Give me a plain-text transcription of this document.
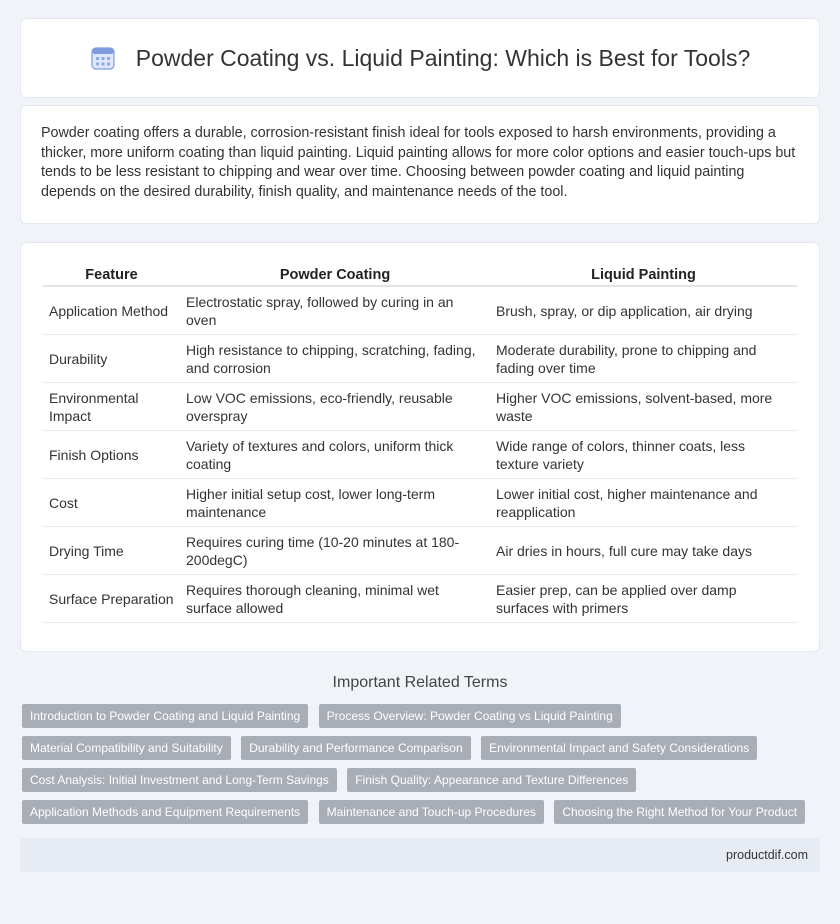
Powder Coating vs. Liquid Painting: Which is Best for Tools?

Powder coating offers a durable, corrosion-resistant finish ideal for tools exposed to harsh environments, providing a thicker, more uniform coating than liquid painting. Liquid painting allows for more color options and easier touch-ups but tends to be less resistant to chipping and wear over time. Choosing between powder coating and liquid painting depends on the desired durability, finish quality, and maintenance needs of the tool.

Feature	Powder Coating	Liquid Painting
Application Method	Electrostatic spray, followed by curing in an oven	Brush, spray, or dip application, air drying
Durability	High resistance to chipping, scratching, fading, and corrosion	Moderate durability, prone to chipping and fading over time
Environmental Impact	Low VOC emissions, eco-friendly, reusable overspray	Higher VOC emissions, solvent-based, more waste
Finish Options	Variety of textures and colors, uniform thick coating	Wide range of colors, thinner coats, less texture variety
Cost	Higher initial setup cost, lower long-term maintenance	Lower initial cost, higher maintenance and reapplication
Drying Time	Requires curing time (10-20 minutes at 180-200degC)	Air dries in hours, full cure may take days
Surface Preparation	Requires thorough cleaning, minimal wet surface allowed	Easier prep, can be applied over damp surfaces with primers
Important Related Terms
Introduction to Powder Coating and Liquid Painting Process Overview: Powder Coating vs Liquid Painting Material Compatibility and Suitability Durability and Performance Comparison Environmental Impact and Safety Considerations Cost Analysis: Initial Investment and Long-Term Savings Finish Quality: Appearance and Texture Differences Application Methods and Equipment Requirements Maintenance and Touch-up Procedures Choosing the Right Method for Your Product
productdif.com
